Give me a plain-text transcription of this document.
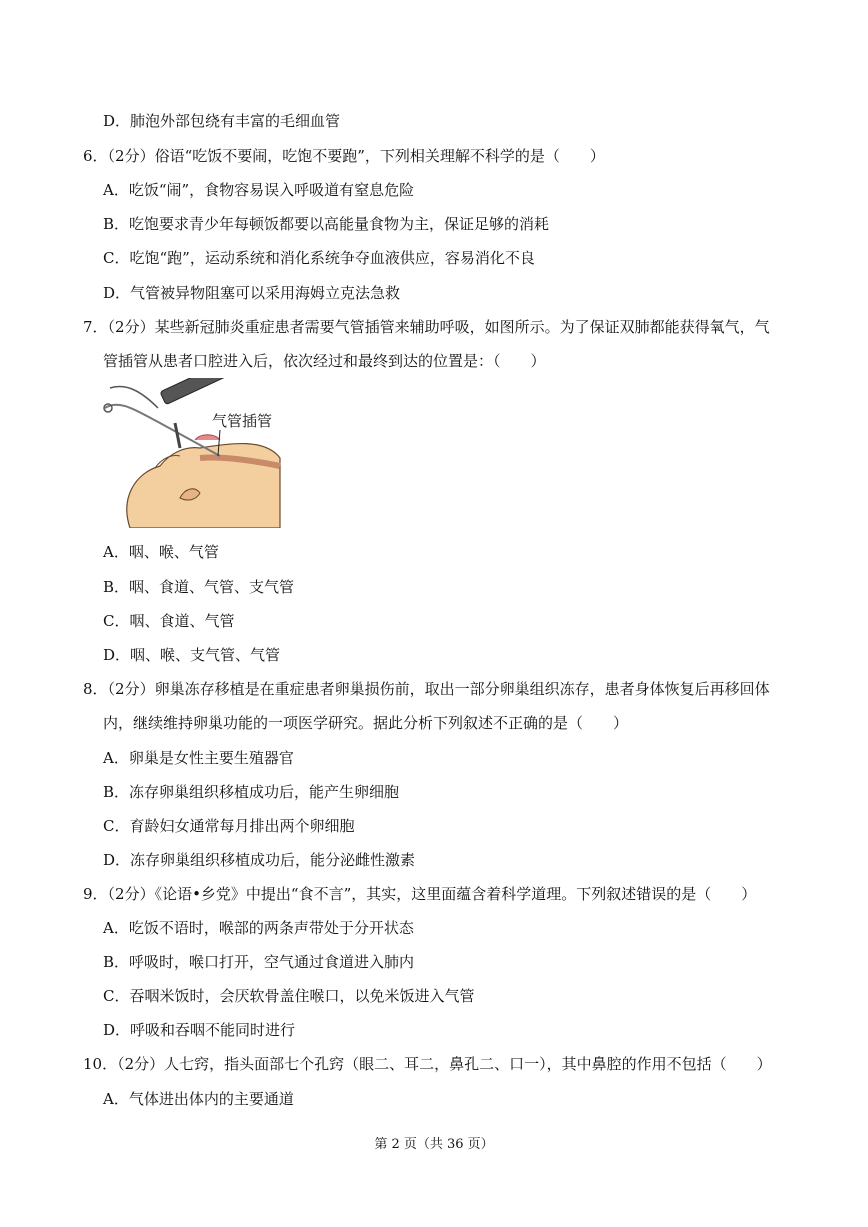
D．肺泡外部包绕有丰富的毛细血管
6．（2分）俗语“吃饭不要闹，吃饱不要跑”，下列相关理解不科学的是（　　）
A．吃饭“闹”，食物容易误入呼吸道有窒息危险
B．吃饱要求青少年每顿饭都要以高能量食物为主，保证足够的消耗
C．吃饱“跑”，运动系统和消化系统争夺血液供应，容易消化不良
D．气管被异物阻塞可以采用海姆立克法急救
7．（2分）某些新冠肺炎重症患者需要气管插管来辅助呼吸，如图所示。为了保证双肺都能获得氧气，气
管插管从患者口腔进入后，依次经过和最终到达的位置是：（　　）
气管插管
A．咽、喉、气管
B．咽、食道、气管、支气管
C．咽、食道、气管
D．咽、喉、支气管、气管
8．（2分）卵巢冻存移植是在重症患者卵巢损伤前，取出一部分卵巢组织冻存，患者身体恢复后再移回体
内，继续维持卵巢功能的一项医学研究。据此分析下列叙述不正确的是（　　）
A．卵巢是女性主要生殖器官
B．冻存卵巢组织移植成功后，能产生卵细胞
C．育龄妇女通常每月排出两个卵细胞
D．冻存卵巢组织移植成功后，能分泌雌性激素
9．（2分）《论语•乡党》中提出“食不言”，其实，这里面蕴含着科学道理。下列叙述错误的是（　　）
A．吃饭不语时，喉部的两条声带处于分开状态
B．呼吸时，喉口打开，空气通过食道进入肺内
C．吞咽米饭时，会厌软骨盖住喉口，以免米饭进入气管
D．呼吸和吞咽不能同时进行
10．（2分）人七窍，指头面部七个孔窍（眼二、耳二，鼻孔二、口一），其中鼻腔的作用不包括（　　）
A．气体进出体内的主要通道
第 2 页（共 36 页）
